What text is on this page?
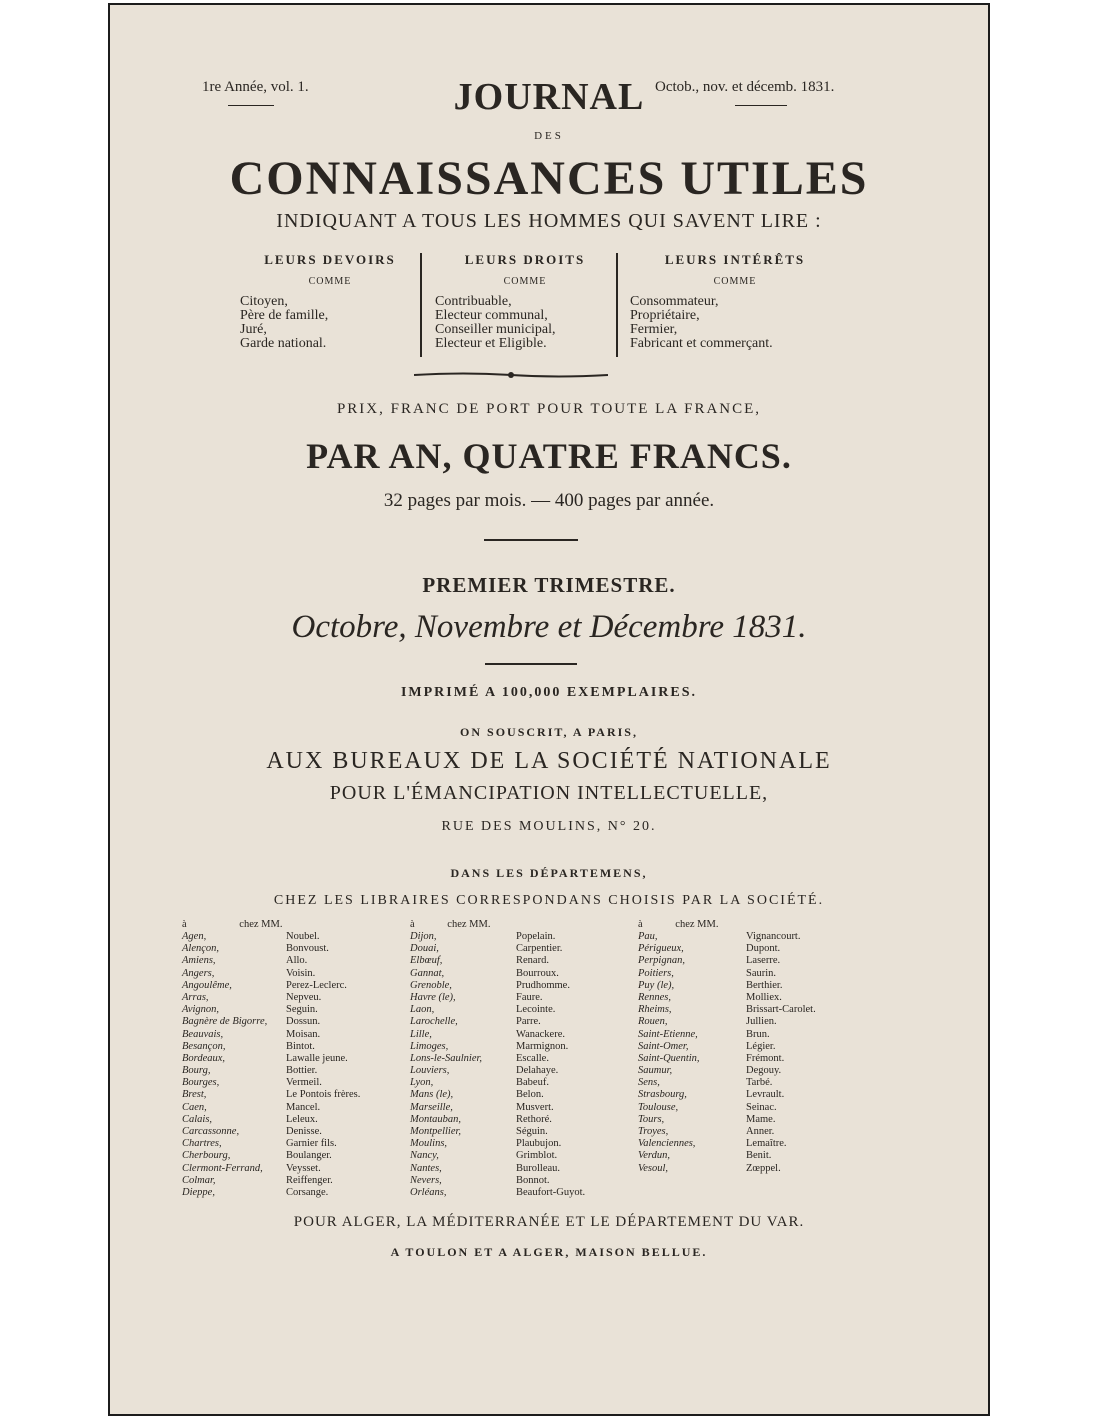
1re Année, vol. 1.	Octob., nov. et décemb. 1831.
JOURNAL
DES
CONNAISSANCES UTILES
INDIQUANT A TOUS LES HOMMES QUI SAVENT LIRE :
LEURS DEVOIRS
COMME
Citoyen,
Père de famille,
Juré,
Garde national.
LEURS DROITS
COMME
Contribuable,
Electeur communal,
Conseiller municipal,
Electeur et Eligible.
LEURS INTÉRÊTS
COMME
Consommateur,
Propriétaire,
Fermier,
Fabricant et commerçant.
PRIX, FRANC DE PORT POUR TOUTE LA FRANCE,
PAR AN, QUATRE FRANCS.
32 pages par mois. — 400 pages par année.
PREMIER TRIMESTRE.
Octobre, Novembre et Décembre 1831.
IMPRIMÉ A 100,000 EXEMPLAIRES.
ON SOUSCRIT, A PARIS,
AUX BUREAUX DE LA SOCIÉTÉ NATIONALE
POUR L'ÉMANCIPATION INTELLECTUELLE,
RUE DES MOULINS, N° 20.
DANS LES DÉPARTEMENS,
CHEZ LES LIBRAIRES CORRESPONDANS CHOISIS PAR LA SOCIÉTÉ.
à	chez MM.
Agen,	Noubel.
Alençon,	Bonvoust.
Amiens,	Allo.
Angers,	Voisin.
Angoulême,	Perez-Leclerc.
Arras,	Nepveu.
Avignon,	Seguin.
Bagnère de Bigorre, Dossun.
Beauvais,	Moisan.
Besançon,	Bintot.
Bordeaux,	Lawalle jeune.
Bourg,	Bottier.
Bourges,	Vermeil.
Brest,	Le Pontois frères.
Caen,	Mancel.
Calais,	Leleux.
Carcassonne,	Denisse.
Chartres,	Garnier fils.
Cherbourg,	Boulanger.
Clermont-Ferrand, Veysset.
Colmar,	Reiffenger.
Dieppe,	Corsange.
à	chez MM.
Dijon,	Popelain.
Douai,	Carpentier.
Elbœuf,	Renard.
Gannat,	Bourroux.
Grenoble,	Prudhomme.
Havre (le),	Faure.
Laon,	Lecointe.
Larochelle,	Parre.
Lille,	Wanackere.
Limoges,	Marmignon.
Lons-le-Saulnier,	Escalle.
Louviers,	Delahaye.
Lyon,	Babeuf.
Mans (le),	Belon.
Marseille,	Musvert.
Montauban,	Rethoré.
Montpellier,	Séguin.
Moulins,	Plaubujon.
Nancy,	Grimblot.
Nantes,	Burolleau.
Nevers,	Bonnot.
Orléans,	Beaufort-Guyot.
à	chez MM.
Pau,	Vignancourt.
Périgueux,	Dupont.
Perpignan,	Laserre.
Poitiers,	Saurin.
Puy (le),	Berthier.
Rennes,	Molliex.
Rheims,	Brissart-Carolet.
Rouen,	Jullien.
Saint-Etienne,	Brun.
Saint-Omer,	Légier.
Saint-Quentin,	Frémont.
Saumur,	Degouy.
Sens,	Tarbé.
Strasbourg,	Levrault.
Toulouse,	Seinac.
Tours,	Mame.
Troyes,	Anner.
Valenciennes,	Lemaître.
Verdun,	Benit.
Vesoul,	Zœppel.
POUR ALGER, LA MÉDITERRANÉE ET LE DÉPARTEMENT DU VAR.
A TOULON ET A ALGER, MAISON BELLUE.
